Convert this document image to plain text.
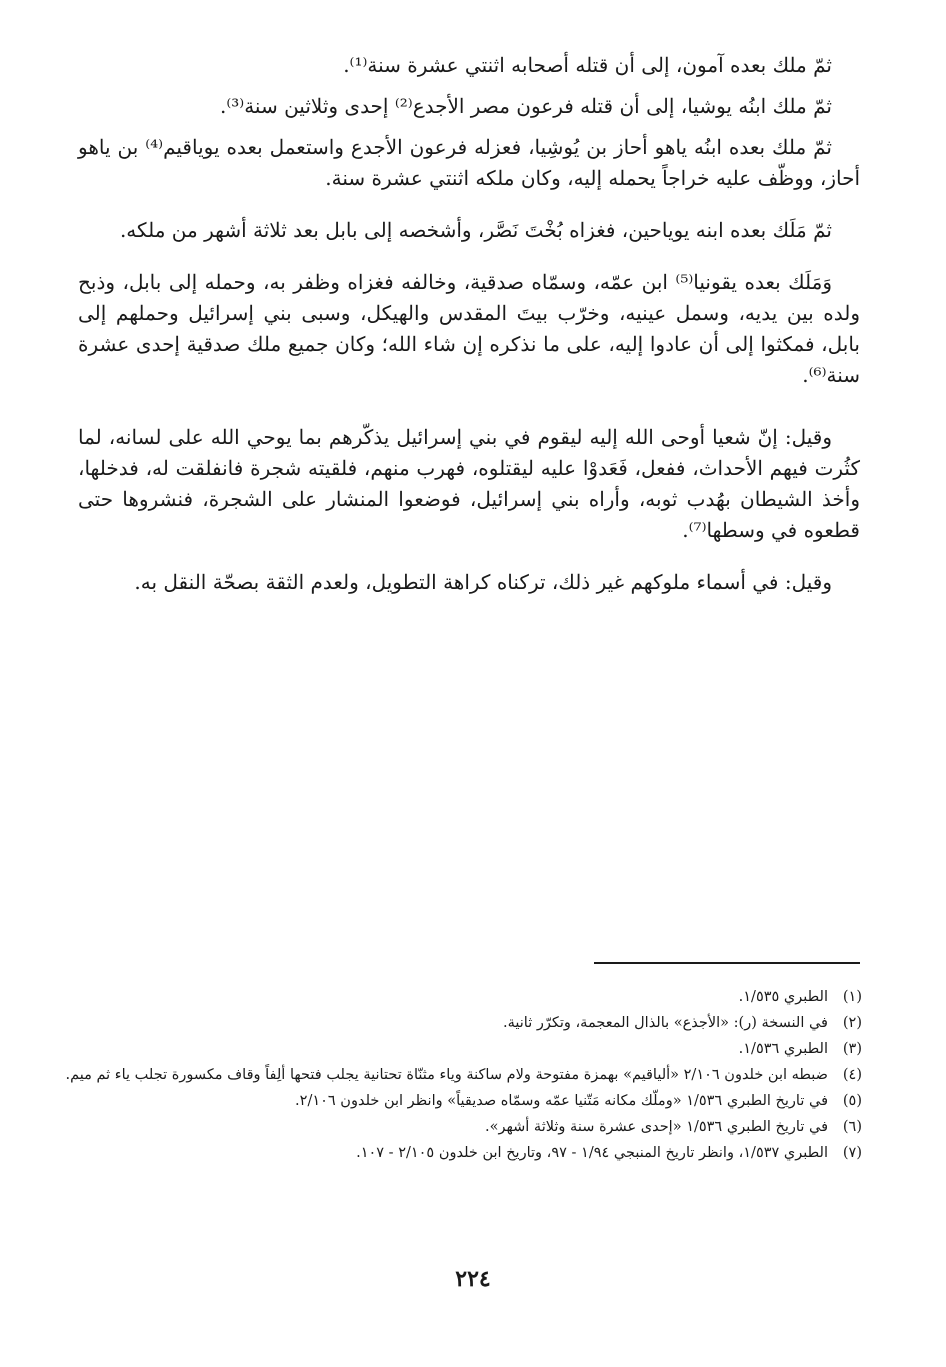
ثمّ ملك بعده آمون، إلى أن قتله أصحابه اثنتي عشرة سنة⁽¹⁾.

ثمّ ملك ابنُه يوشيا، إلى أن قتله فرعون مصر الأجدع⁽²⁾ إحدى وثلاثين سنة⁽³⁾.

ثمّ ملك بعده ابنُه ياهو أحاز بن يُوشِيا، فعزله فرعون الأجدع واستعمل بعده يوياقيم⁽⁴⁾ بن ياهو أحاز، ووظّف عليه خراجاً يحمله إليه، وكان ملكه اثنتي عشرة سنة.

ثمّ مَلَك بعده ابنه يوياحين، فغزاه بُخْتَ نَصَّر، وأشخصه إلى بابل بعد ثلاثة أشهر من ملكه.

وَمَلَك بعده يقونيا⁽⁵⁾ ابن عمّه، وسمّاه صدقية، وخالفه فغزاه وظفر به، وحمله إلى بابل، وذبح ولده بين يديه، وسمل عينيه، وخرّب بيتَ المقدس والهيكل، وسبى بني إسرائيل وحملهم إلى بابل، فمكثوا إلى أن عادوا إليه، على ما نذكره إن شاء الله؛ وكان جميع ملك صدقية إحدى عشرة سنة⁽⁶⁾.

وقيل: إنّ شعيا أوحى الله إليه ليقوم في بني إسرائيل يذكّرهم بما يوحي الله على لسانه، لما كثُرت فيهم الأحداث، ففعل، فَعَدوْا عليه ليقتلوه، فهرب منهم، فلقيته شجرة فانفلقت له، فدخلها، وأخذ الشيطان بهُدب ثوبه، وأراه بني إسرائيل، فوضعوا المنشار على الشجرة، فنشروها حتى قطعوه في وسطها⁽⁷⁾.

وقيل: في أسماء ملوكهم غير ذلك، تركناه كراهة التطويل، ولعدم الثقة بصحّة النقل به.

(١)
الطبري ١/٥٣٥.
(٢)
في النسخة (ر): «الأجذع» بالذال المعجمة، وتكرّر ثانية.
(٣)
الطبري ١/٥٣٦.
(٤)
ضبطه ابن خلدون ٢/١٠٦ «ألياقيم» بهمزة مفتوحة ولام ساكنة وياء مثنّاة تحتانية يجلب فتحها ألِفاً وقاف مكسورة تجلب ياء ثم ميم.
(٥)
في تاريخ الطبري ١/٥٣٦ «وملّك مكانه مَتّنيا عمّه وسمّاه صديقياً» وانظر ابن خلدون ٢/١٠٦.
(٦)
في تاريخ الطبري ١/٥٣٦ «إحدى عشرة سنة وثلاثة أشهر».
(٧)
الطبري ١/٥٣٧، وانظر تاريخ المنبجي ١/٩٤ - ٩٧، وتاريخ ابن خلدون ٢/١٠٥ - ١٠٧.
٢٢٤
